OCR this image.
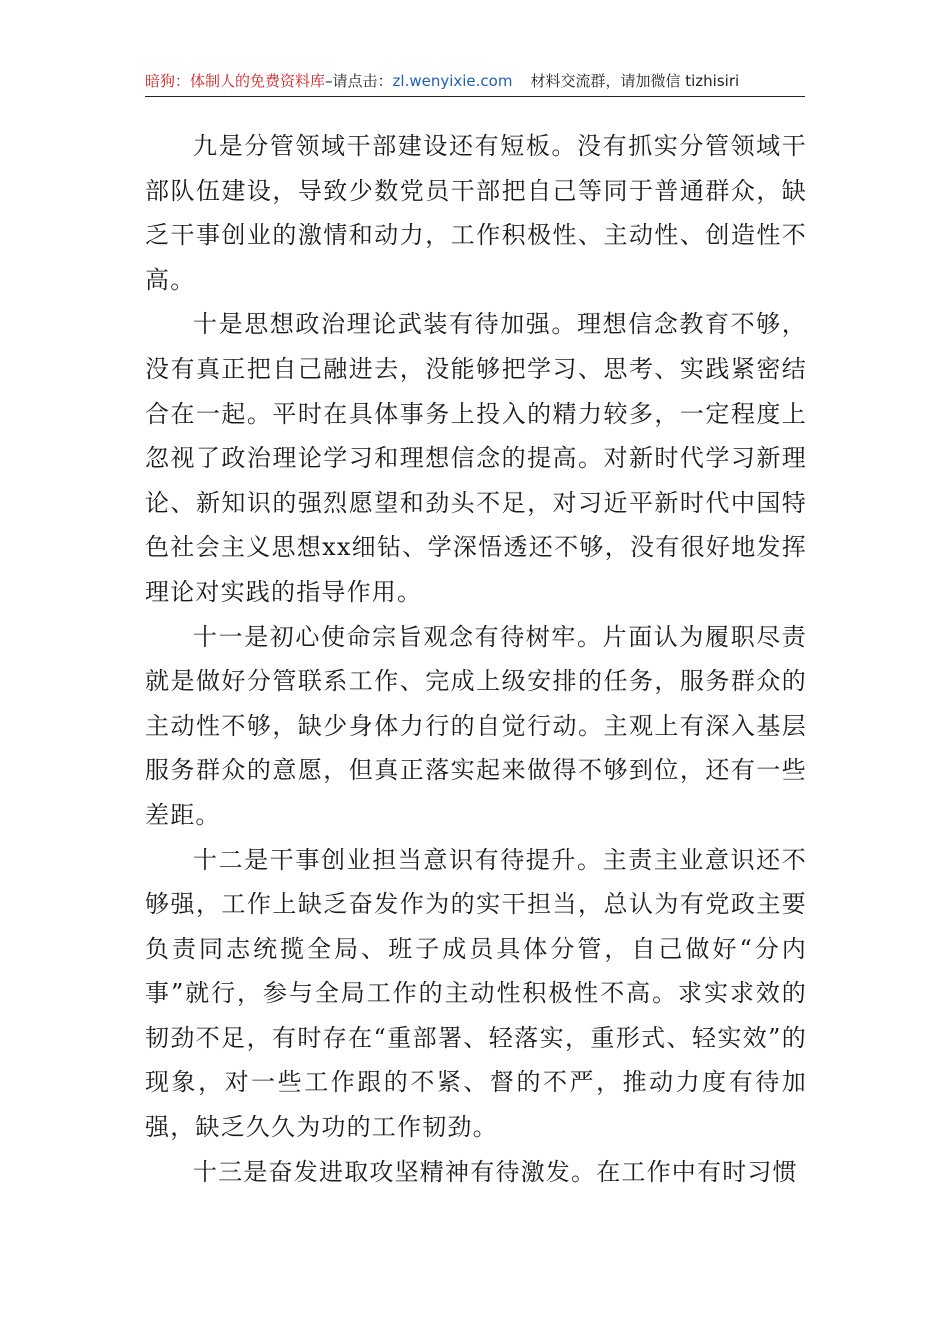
暗狗：体制人的免费资料库–请点击：zl.wenyixie.com 材料交流群，请加微信 tizhisiri

九是分管领域干部建设还有短板。没有抓实分管领域干部队伍建设，导致少数党员干部把自己等同于普通群众，缺乏干事创业的激情和动力，工作积极性、主动性、创造性不高。

十是思想政治理论武装有待加强。理想信念教育不够，没有真正把自己融进去，没能够把学习、思考、实践紧密结合在一起。平时在具体事务上投入的精力较多，一定程度上忽视了政治理论学习和理想信念的提高。对新时代学习新理论、新知识的强烈愿望和劲头不足，对习近平新时代中国特色社会主义思想xx细钻、学深悟透还不够，没有很好地发挥理论对实践的指导作用。

十一是初心使命宗旨观念有待树牢。片面认为履职尽责就是做好分管联系工作、完成上级安排的任务，服务群众的主动性不够，缺少身体力行的自觉行动。主观上有深入基层服务群众的意愿，但真正落实起来做得不够到位，还有一些差距。

十二是干事创业担当意识有待提升。主责主业意识还不够强，工作上缺乏奋发作为的实干担当，总认为有党政主要负责同志统揽全局、班子成员具体分管，自己做好“分内事”就行，参与全局工作的主动性积极性不高。求实求效的韧劲不足，有时存在“重部署、轻落实，重形式、轻实效”的现象，对一些工作跟的不紧、督的不严，推动力度有待加强，缺乏久久为功的工作韧劲。

十三是奋发进取攻坚精神有待激发。在工作中有时习惯
